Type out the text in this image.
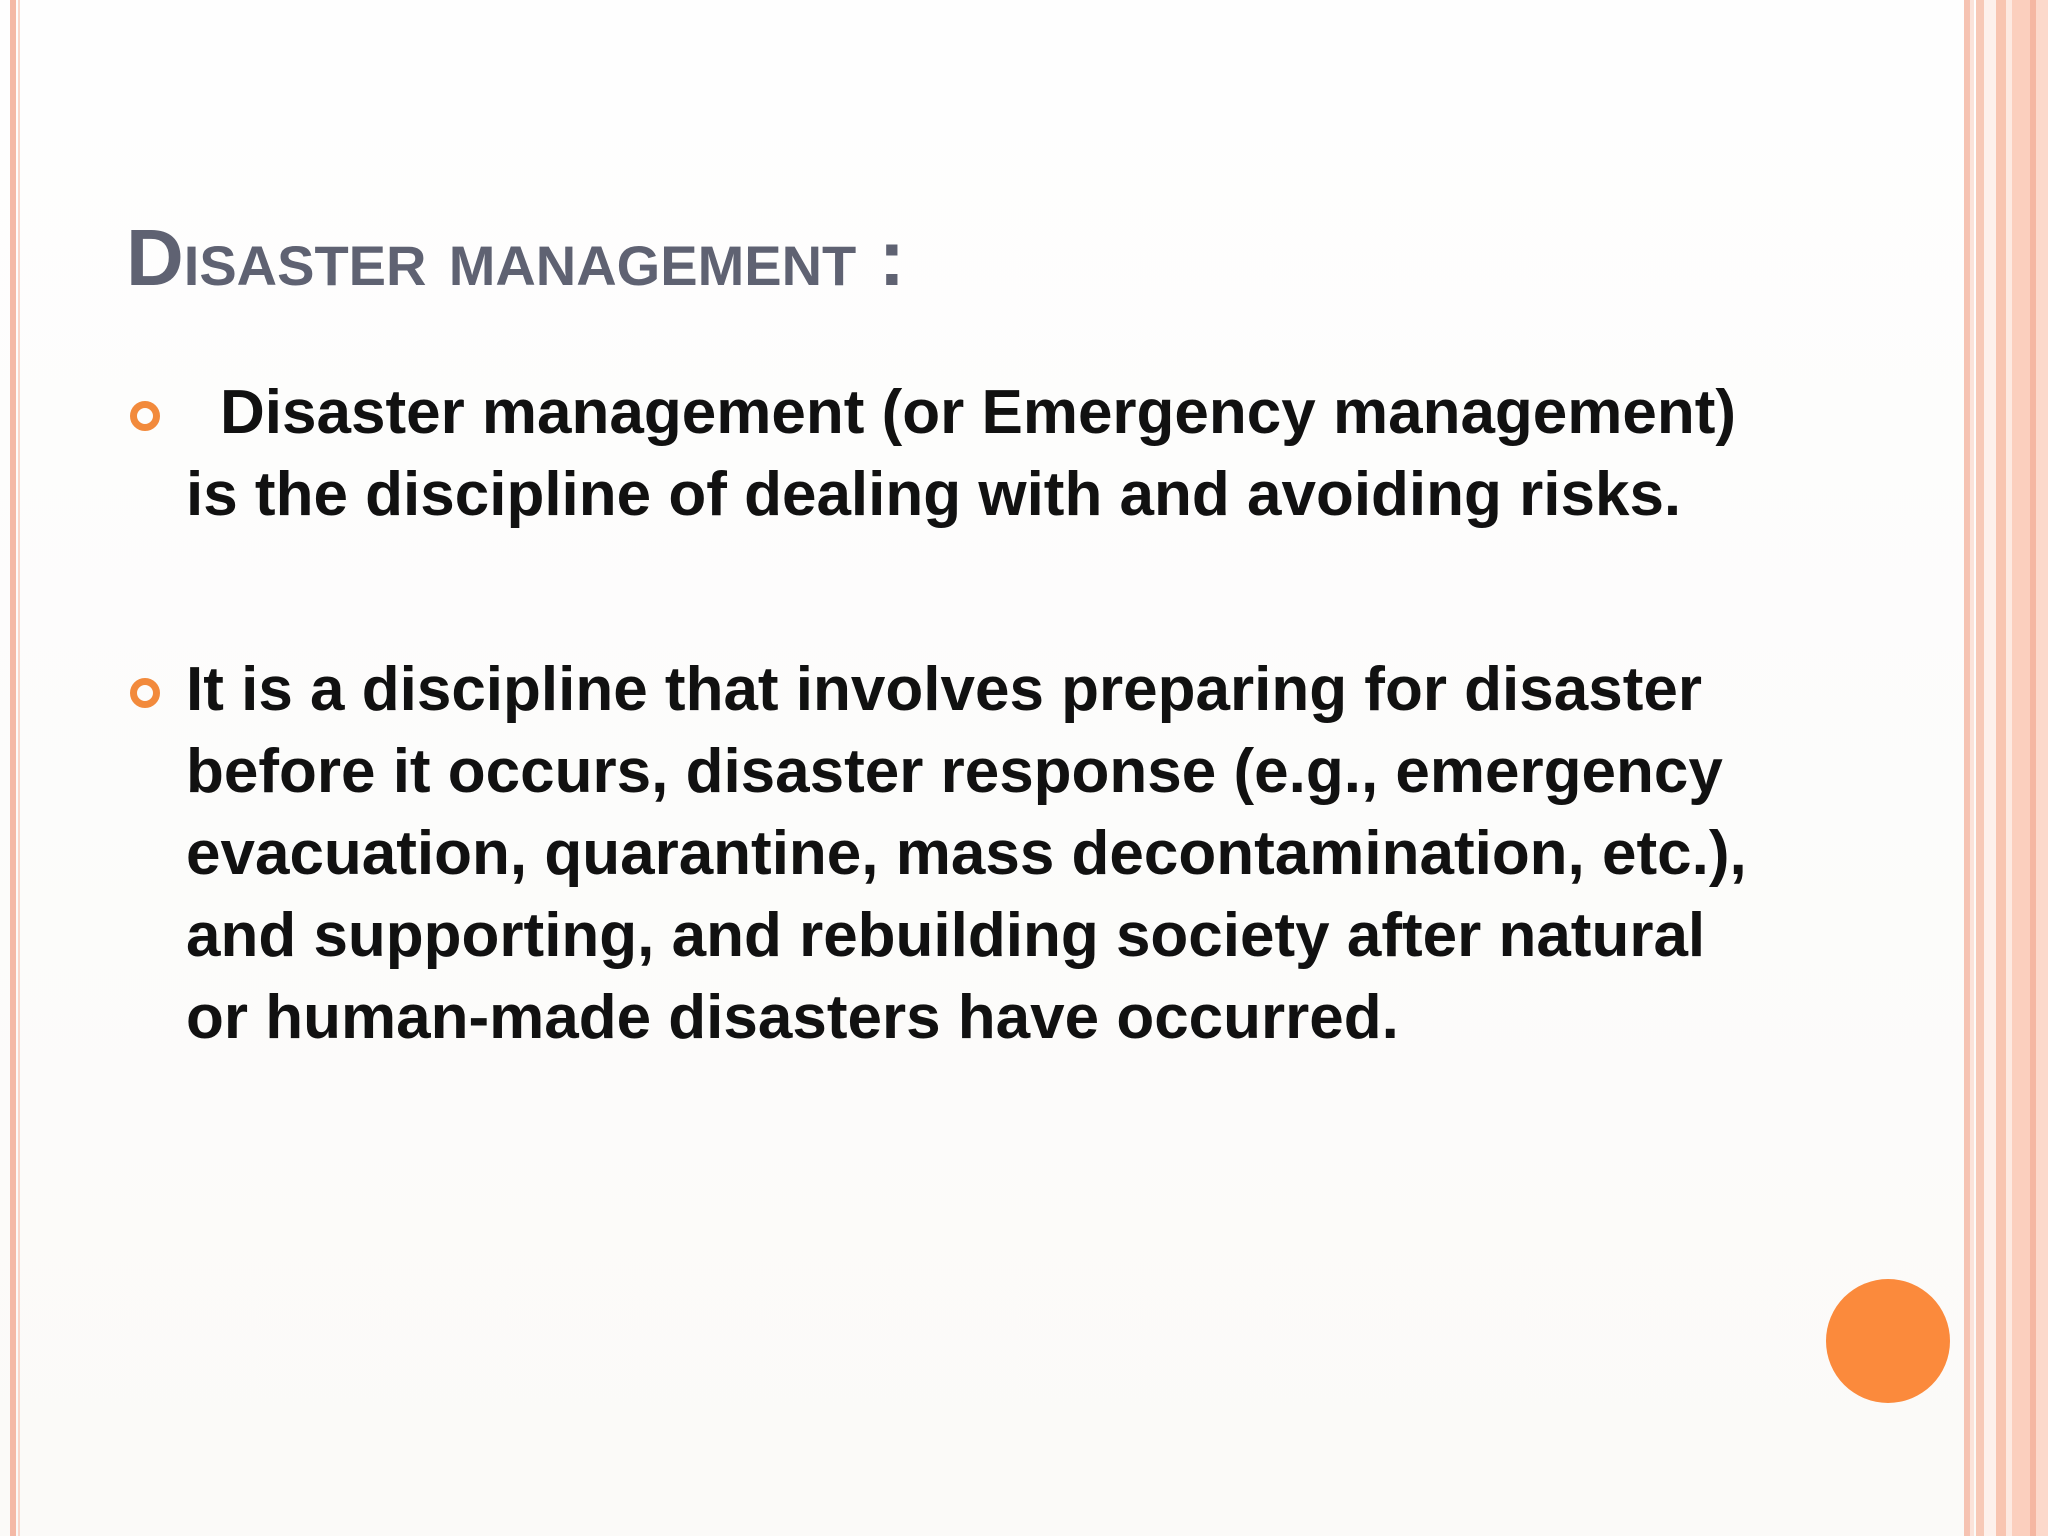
Disaster management :
Disaster management (or Emergency management) is the discipline of dealing with and avoiding risks.
It is a discipline that involves preparing for disaster before it occurs, disaster response (e.g., emergency evacuation, quarantine, mass decontamination, etc.), and supporting, and rebuilding society after natural or human-made disasters have occurred.
